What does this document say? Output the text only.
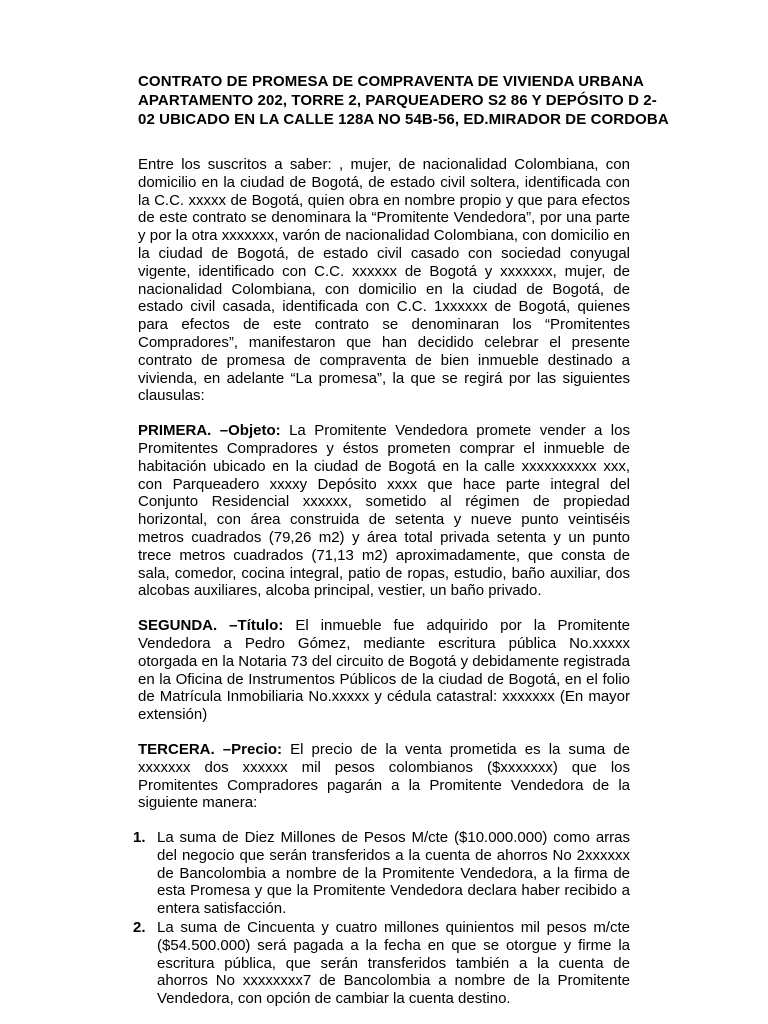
CONTRATO DE PROMESA DE COMPRAVENTA DE VIVIENDA URBANA
APARTAMENTO 202, TORRE 2, PARQUEADERO S2 86 Y DEPÓSITO D 2-
02 UBICADO EN LA CALLE 128A NO 54B-56, ED.MIRADOR DE CORDOBA

Entre los suscritos a saber: , mujer, de nacionalidad Colombiana, con domicilio en la ciudad de Bogotá, de estado civil soltera, identificada con la C.C. xxxxx de Bogotá, quien obra en nombre propio y que para efectos de este contrato se denominara la “Promitente Vendedora”, por una parte y por la otra xxxxxxx, varón de nacionalidad Colombiana, con domicilio en la ciudad de Bogotá, de estado civil casado con sociedad conyugal vigente, identificado con C.C. xxxxxx de Bogotá y xxxxxxx, mujer, de nacionalidad Colombiana, con domicilio en la ciudad de Bogotá, de estado civil casada, identificada con C.C. 1xxxxxx de Bogotá, quienes para efectos de este contrato se denominaran los “Promitentes Compradores”, manifestaron que han decidido celebrar el presente contrato de promesa de compraventa de bien inmueble destinado a vivienda, en adelante “La promesa”, la que se regirá por las siguientes clausulas:

PRIMERA. –Objeto: La Promitente Vendedora promete vender a los Promitentes Compradores y éstos prometen comprar el inmueble de habitación ubicado en la ciudad de Bogotá en la calle xxxxxxxxxx xxx, con Parqueadero xxxxy Depósito xxxx que hace parte integral del Conjunto Residencial xxxxxx, sometido al régimen de propiedad horizontal, con área construida de setenta y nueve punto veintiséis metros cuadrados (79,26 m2) y área total privada setenta y un punto trece metros cuadrados (71,13 m2) aproximadamente, que consta de sala, comedor, cocina integral, patio de ropas, estudio, baño auxiliar, dos alcobas auxiliares, alcoba principal, vestier, un baño privado.

SEGUNDA. –Título: El inmueble fue adquirido por la Promitente Vendedora a Pedro Gómez, mediante escritura pública No.xxxxx otorgada en la Notaria 73 del circuito de Bogotá y debidamente registrada en la Oficina de Instrumentos Públicos de la ciudad de Bogotá, en el folio de Matrícula Inmobiliaria No.xxxxx y cédula catastral: xxxxxxx (En mayor extensión)

TERCERA. –Precio: El precio de la venta prometida es la suma de xxxxxxx dos xxxxxx mil pesos colombianos ($xxxxxxx) que los Promitentes Compradores pagarán a la Promitente Vendedora de la siguiente manera:

1. La suma de Diez Millones de Pesos M/cte ($10.000.000) como arras del negocio que serán transferidos a la cuenta de ahorros No 2xxxxxx de Bancolombia a nombre de la Promitente Vendedora, a la firma de esta Promesa y que la Promitente Vendedora declara haber recibido a entera satisfacción.
2. La suma de Cincuenta y cuatro millones quinientos mil pesos m/cte ($54.500.000) será pagada a la fecha en que se otorgue y firme la escritura pública, que serán transferidos también a la cuenta de ahorros No xxxxxxxx7 de Bancolombia a nombre de la Promitente Vendedora, con opción de cambiar la cuenta destino.
